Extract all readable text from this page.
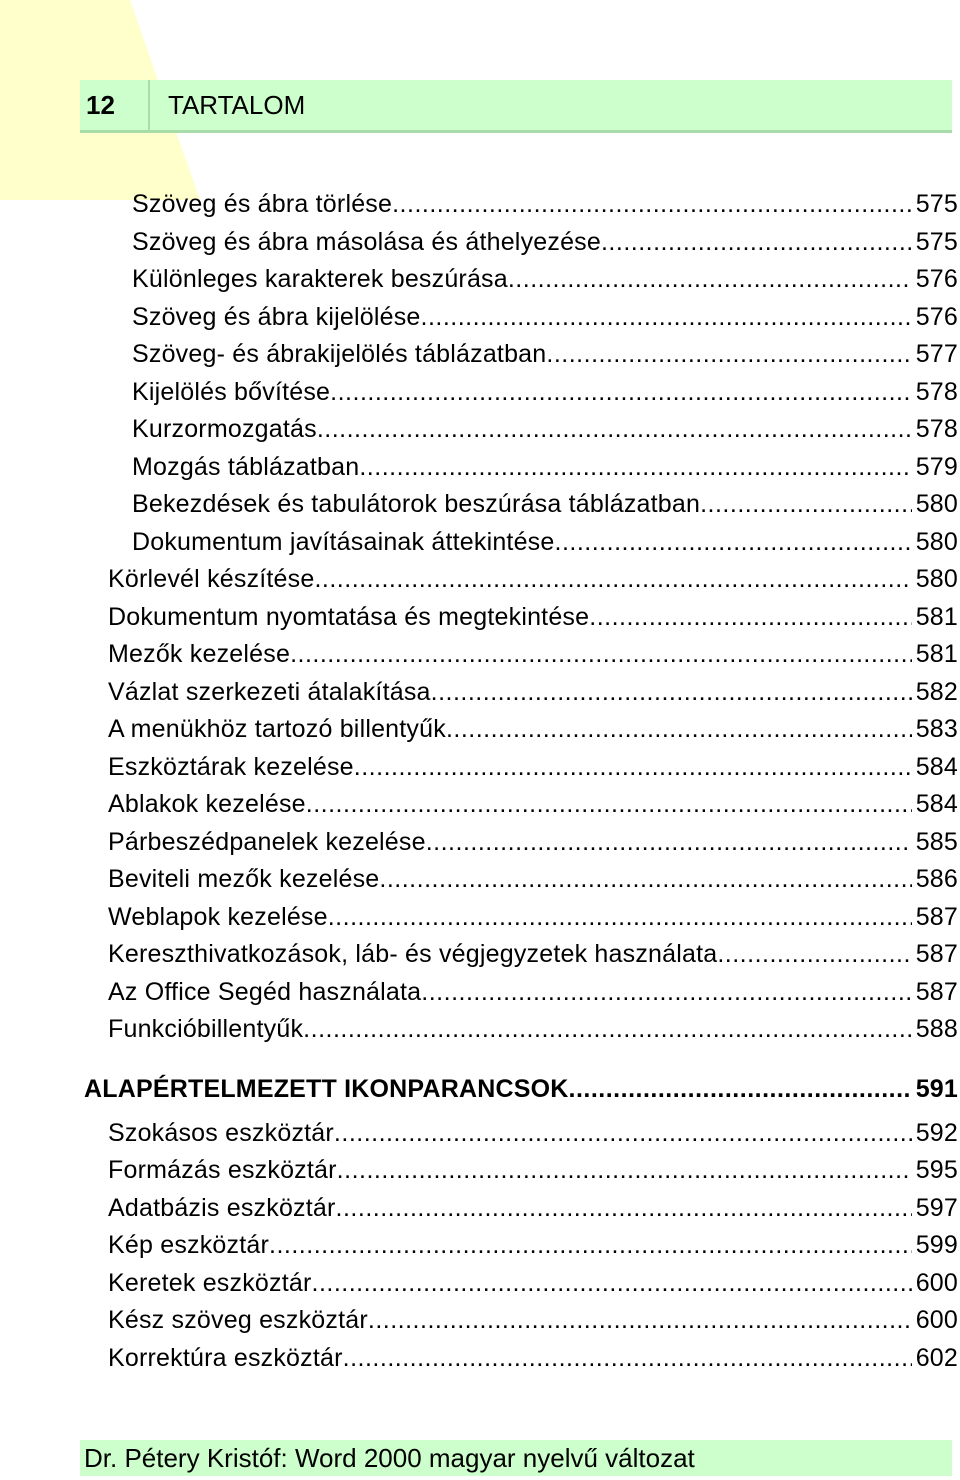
12	TARTALOM
Szöveg és ábra törlése .....	575
Szöveg és ábra másolása és áthelyezése .....	575
Különleges karakterek beszúrása .....	576
Szöveg és ábra kijelölése .....	576
Szöveg- és ábrakijelölés táblázatban .....	577
Kijelölés bővítése .....	578
Kurzormozgatás .....	578
Mozgás táblázatban .....	579
Bekezdések és tabulátorok beszúrása táblázatban .....	580
Dokumentum javításainak áttekintése .....	580
Körlevél készítése .....	580
Dokumentum nyomtatása és megtekintése .....	581
Mezők kezelése .....	581
Vázlat szerkezeti átalakítása .....	582
A menükhöz tartozó billentyűk .....	583
Eszköztárak kezelése .....	584
Ablakok kezelése .....	584
Párbeszédpanelek kezelése .....	585
Beviteli mezők kezelése .....	586
Weblapok kezelése .....	587
Kereszthivatkozások, láb- és végjegyzetek használata .....	587
Az Office Segéd használata .....	587
Funkcióbillentyűk .....	588
ALAPÉRTELMEZETT IKONPARANCSOK .....	591
Szokásos eszköztár .....	592
Formázás eszköztár .....	595
Adatbázis eszköztár .....	597
Kép eszköztár .....	599
Keretek eszköztár .....	600
Kész szöveg eszköztár .....	600
Korrektúra eszköztár .....	602
Dr. Pétery Kristóf: Word 2000 magyar nyelvű változat
